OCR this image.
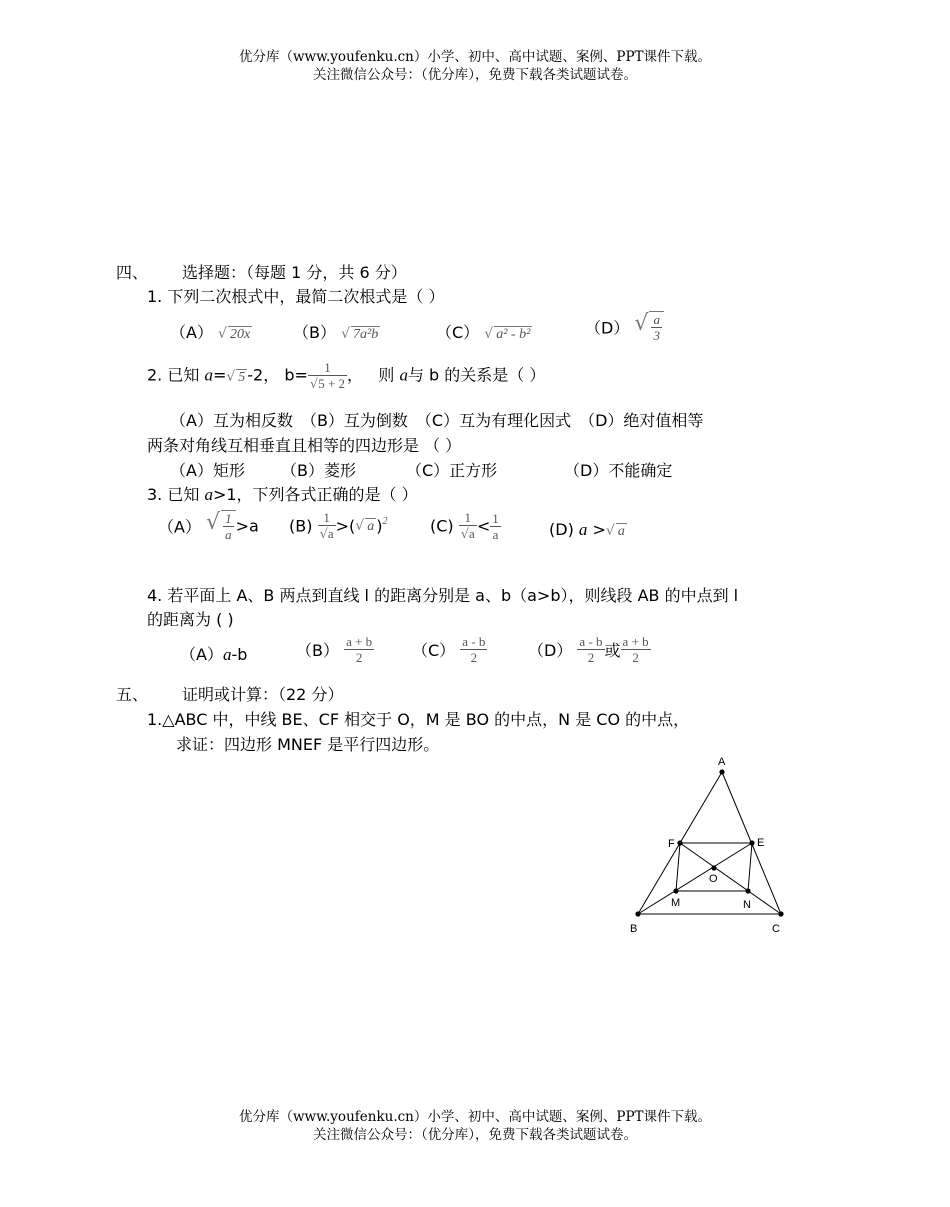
优分库（www.youfenku.cn）小学、初中、高中试题、案例、PPT课件下载。
关注微信公众号：（优分库），免费下载各类试题试卷。
四、 选择题：（每题 1 分，共 6 分）
1. 下列二次根式中，最简二次根式是（ ）
（A） √ 20x	（B） √ 7a²b	（C） √ a² - b²	（D） √ $\frac{a}{3}$
2. 已知 a=√ 5 -2， $b= \frac{1}{√5 + 2}$ ， 则 a与 b 的关系是（ ）
（A）互为相反数　（B）互为倒数　（C）互为有理化因式　（D）绝对值相等
两条对角线互相垂直且相等的四边形是 （ ）
（A）矩形 （B）菱形	（C）正方形	（D）不能确定
3. 已知 a>1，下列各式正确的是（ ）
（A） √ $\frac{1}{a} >a$ $(B) \frac{1}{√a}$ >(√ a )$^2$	$(C) \frac{1}{√a} < \frac{1}{a}$	(D) a >√ a
4. 若平面上 A、B 两点到直线 l 的距离分别是 a、b（a>b），则线段 AB 的中点到 l
的距离为 ( )
（A）a-b	$(B) \frac{a + b}{2} (C) \frac{a - b}{2}$	$(D) \frac{a - b}{2}$ 或 $\frac{a + b}{2}$
五、 证明或计算：（22 分）
1.△ABC 中，中线 BE、CF 相交于 O，M 是 BO 的中点，N 是 CO 的中点，
求证：四边形 MNEF 是平行四边形。
A
B	C
E
F
O
M	N
优分库（www.youfenku.cn）小学、初中、高中试题、案例、PPT课件下载。
关注微信公众号：（优分库），免费下载各类试题试卷。
